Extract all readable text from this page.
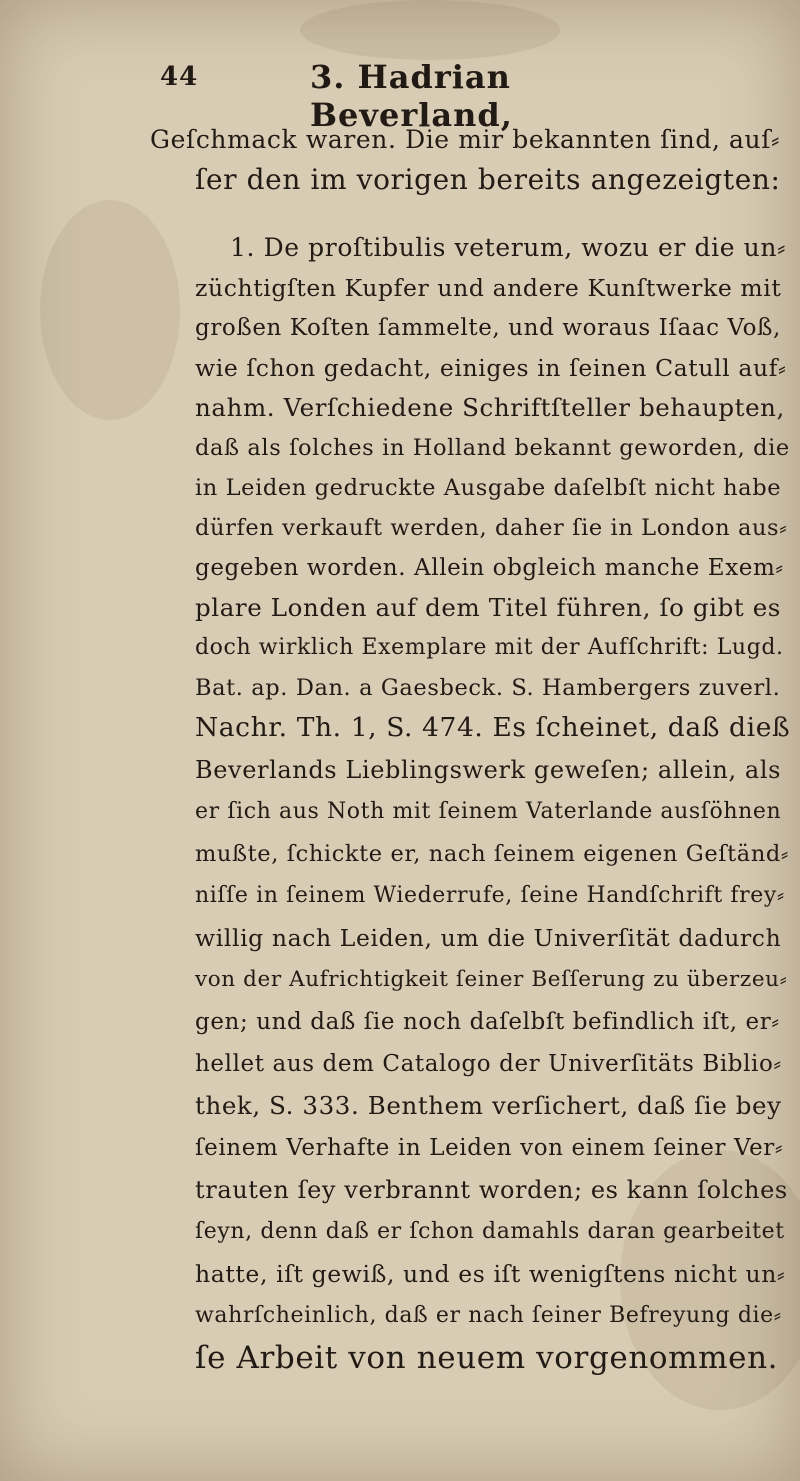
44	3. Hadrian Beverland,
Geſchmack waren. Die mir bekannten ſind, auſ⸗
ſer den im vorigen bereits angezeigten:
1. De proſtibulis veterum, wozu er die un⸗
züchtigſten Kupfer und andere Kunſtwerke mit
großen Koſten ſammelte, und woraus Iſaac Voß,
wie ſchon gedacht, einiges in ſeinen Catull auf⸗
nahm. Verſchiedene Schriftſteller behaupten,
daß als ſolches in Holland bekannt geworden, die
in Leiden gedruckte Ausgabe daſelbſt nicht habe
dürfen verkauft werden, daher ſie in London aus⸗
gegeben worden. Allein obgleich manche Exem⸗
plare Londen auf dem Titel führen, ſo gibt es
doch wirklich Exemplare mit der Aufſchrift: Lugd.
Bat. ap. Dan. a Gaesbeck. S. Hambergers zuverl.
Nachr. Th. 1, S. 474. Es ſcheinet, daß dieß
Beverlands Lieblingswerk geweſen; allein, als
er ſich aus Noth mit ſeinem Vaterlande ausſöhnen
mußte, ſchickte er, nach ſeinem eigenen Geſtänd⸗
niſſe in ſeinem Wiederrufe, ſeine Handſchrift frey⸗
willig nach Leiden, um die Univerſität dadurch
von der Aufrichtigkeit ſeiner Beſſerung zu überzeu⸗
gen; und daß ſie noch daſelbſt befindlich iſt, er⸗
hellet aus dem Catalogo der Univerſitäts Biblio⸗
thek, S. 333. Benthem verſichert, daß ſie bey
ſeinem Verhafte in Leiden von einem ſeiner Ver⸗
trauten ſey verbrannt worden; es kann ſolches
ſeyn, denn daß er ſchon damahls daran gearbeitet
hatte, iſt gewiß, und es iſt wenigſtens nicht un⸗
wahrſcheinlich, daß er nach ſeiner Befreyung die⸗
ſe Arbeit von neuem vorgenommen.
